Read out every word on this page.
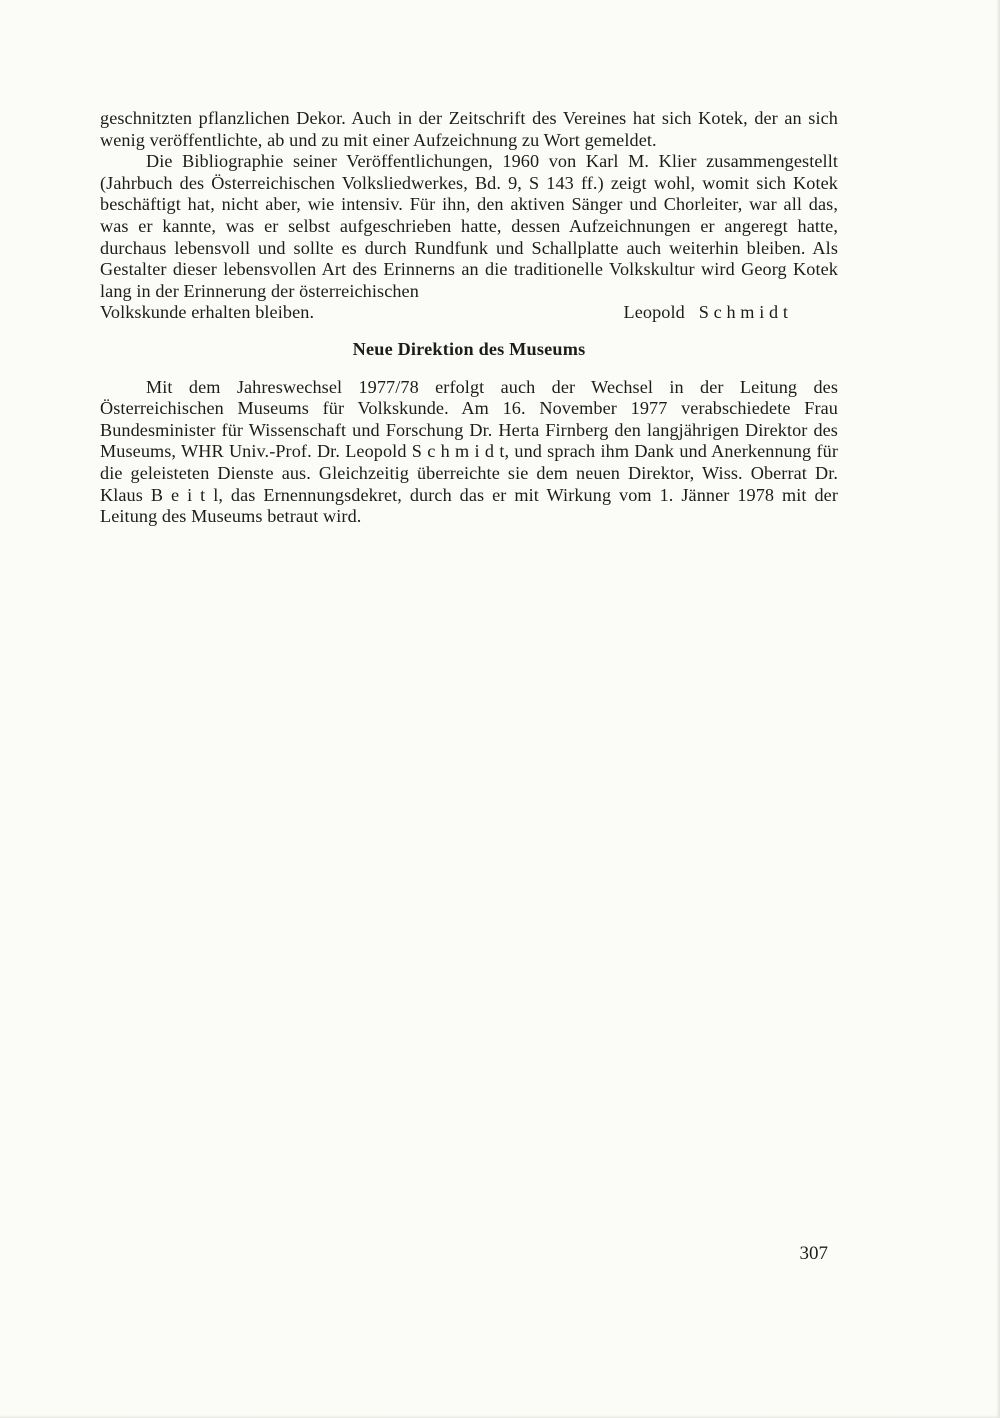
geschnitzten pflanzlichen Dekor. Auch in der Zeitschrift des Vereines hat sich Kotek, der an sich wenig veröffentlichte, ab und zu mit einer Aufzeichnung zu Wort gemeldet.

Die Bibliographie seiner Veröffentlichungen, 1960 von Karl M. Klier zusammengestellt (Jahrbuch des Österreichischen Volksliedwerkes, Bd. 9, S 143 ff.) zeigt wohl, womit sich Kotek beschäftigt hat, nicht aber, wie intensiv. Für ihn, den aktiven Sänger und Chorleiter, war all das, was er kannte, was er selbst aufgeschrieben hatte, dessen Aufzeichnungen er angeregt hatte, durchaus lebensvoll und sollte es durch Rundfunk und Schallplatte auch weiterhin bleiben. Als Gestalter dieser lebensvollen Art des Erinnerns an die traditionelle Volkskultur wird Georg Kotek lang in der Erinnerung der österreichischen

Volkskunde erhalten bleiben.	Leopold   S c h m i d t
Neue Direktion des Museums

Mit dem Jahreswechsel 1977/78 erfolgt auch der Wechsel in der Leitung des Österreichischen Museums für Volkskunde. Am 16. November 1977 verabschiedete Frau Bundesminister für Wissenschaft und Forschung Dr. Herta Firnberg den langjährigen Direktor des Museums, WHR Univ.-Prof. Dr. Leopold S c h m i d t, und sprach ihm Dank und Anerkennung für die geleisteten Dienste aus. Gleichzeitig überreichte sie dem neuen Direktor, Wiss. Oberrat Dr. Klaus B e i t l, das Ernennungsdekret, durch das er mit Wirkung vom 1. Jänner 1978 mit der Leitung des Museums betraut wird.

307
